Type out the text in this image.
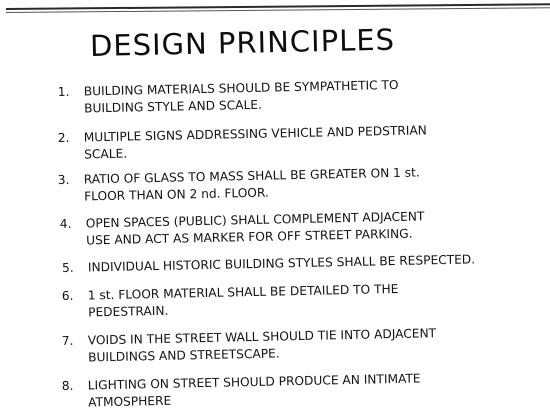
DESIGN PRINCIPLES
1. BUILDING MATERIALS SHOULD BE SYMPATHETIC TO
BUILDING STYLE AND SCALE.
2. MULTIPLE SIGNS ADDRESSING VEHICLE AND PEDSTRIAN
SCALE.
3. RATIO OF GLASS TO MASS SHALL BE GREATER ON 1 st.
FLOOR THAN ON 2 nd. FLOOR.
4. OPEN SPACES (PUBLIC) SHALL COMPLEMENT ADJACENT
USE AND ACT AS MARKER FOR OFF STREET PARKING.
5. INDIVIDUAL HISTORIC BUILDING STYLES SHALL BE RESPECTED.
6. 1 st. FLOOR MATERIAL SHALL BE DETAILED TO THE
PEDESTRAIN.
7. VOIDS IN THE STREET WALL SHOULD TIE INTO ADJACENT
BUILDINGS AND STREETSCAPE.
8. LIGHTING ON STREET SHOULD PRODUCE AN INTIMATE
ATMOSPHERE
